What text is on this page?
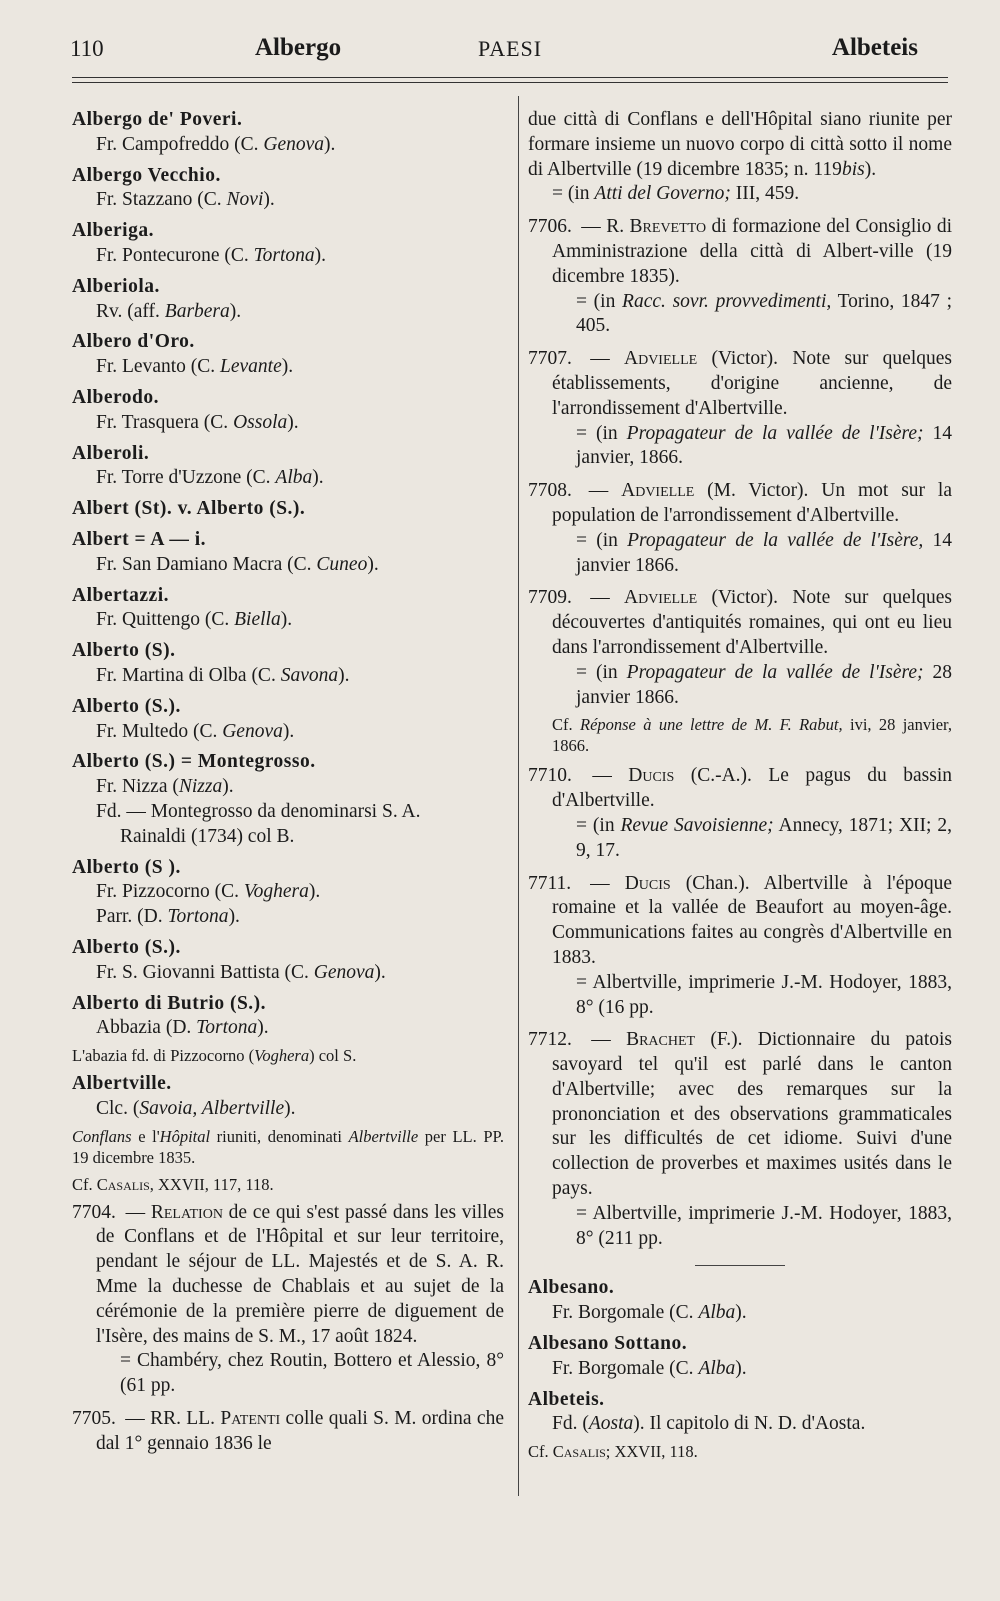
110	Albergo	PAESI	Albeteis
Albergo de' Poveri.
Fr. Campofreddo (C. Genova).
Albergo Vecchio.
Fr. Stazzano (C. Novi).
Alberiga.
Fr. Pontecurone (C. Tortona).
Alberiola.
Rv. (aff. Barbera).
Albero d'Oro.
Fr. Levanto (C. Levante).
Alberodo.
Fr. Trasquera (C. Ossola).
Alberoli.
Fr. Torre d'Uzzone (C. Alba).
Albert (St). v. Alberto (S.).
Albert = A — i.
Fr. San Damiano Macra (C. Cuneo).
Albertazzi.
Fr. Quittengo (C. Biella).
Alberto (S).
Fr. Martina di Olba (C. Savona).
Alberto (S.).
Fr. Multedo (C. Genova).
Alberto (S.) = Montegrosso.
Fr. Nizza (Nizza).
Fd. — Montegrosso da denominarsi S. A.
Rainaldi (1734) col B.
Alberto (S ).
Fr. Pizzocorno (C. Voghera).
Parr. (D. Tortona).
Alberto (S.).
Fr. S. Giovanni Battista (C. Genova).
Alberto di Butrio (S.).
Abbazia (D. Tortona).
L'abazia fd. di Pizzocorno (Voghera) col S.
Albertville.
Clc. (Savoia, Albertville).
Conflans e l'Hôpital riuniti, denominati Albertville per LL. PP. 19 dicembre 1835.
Cf. Casalis, XXVII, 117, 118.
7704. — Relation de ce qui s'est passé dans les villes de Conflans et de l'Hôpital et sur leur territoire, pendant le séjour de LL. Majestés et de S. A. R. Mme la duchesse de Chablais et au sujet de la cérémonie de la première pierre de diguement de l'Isère, des mains de S. M., 17 août 1824.
= Chambéry, chez Routin, Bottero et Alessio, 8° (61 pp.
7705. — RR. LL. Patenti colle quali S. M. ordina che dal 1° gennaio 1836 le
due città di Conflans e dell'Hôpital siano riunite per formare insieme un nuovo corpo di città sotto il nome di Albertville (19 dicembre 1835; n. 119bis).
= (in Atti del Governo; III, 459.
7706. — R. Brevetto di formazione del Consiglio di Amministrazione della città di Albert-ville (19 dicembre 1835).
= (in Racc. sovr. provvedimenti, Torino, 1847 ; 405.
7707. — Advielle (Victor). Note sur quelques établissements, d'origine ancienne, de l'arrondissement d'Albertville.
= (in Propagateur de la vallée de l'Isère; 14 janvier, 1866.
7708. — Advielle (M. Victor). Un mot sur la population de l'arrondissement d'Albertville.
= (in Propagateur de la vallée de l'Isère, 14 janvier 1866.
7709. — Advielle (Victor). Note sur quelques découvertes d'antiquités romaines, qui ont eu lieu dans l'arrondissement d'Albertville.
= (in Propagateur de la vallée de l'Isère; 28 janvier 1866.
Cf. Réponse à une lettre de M. F. Rabut, ivi, 28 janvier, 1866.
7710. — Ducis (C.-A.). Le pagus du bassin d'Albertville.
= (in Revue Savoisienne; Annecy, 1871; XII; 2, 9, 17.
7711. — Ducis (Chan.). Albertville à l'époque romaine et la vallée de Beaufort au moyen-âge. Communications faites au congrès d'Albertville en 1883.
= Albertville, imprimerie J.-M. Hodoyer, 1883, 8° (16 pp.
7712. — Brachet (F.). Dictionnaire du patois savoyard tel qu'il est parlé dans le canton d'Albertville; avec des remarques sur la prononciation et des observations grammaticales sur les difficultés de cet idiome. Suivi d'une collection de proverbes et maximes usités dans le pays.
= Albertville, imprimerie J.-M. Hodoyer, 1883, 8° (211 pp.
Albesano.
Fr. Borgomale (C. Alba).
Albesano Sottano.
Fr. Borgomale (C. Alba).
Albeteis.
Fd. (Aosta). Il capitolo di N. D. d'Aosta.
Cf. Casalis; XXVII, 118.
